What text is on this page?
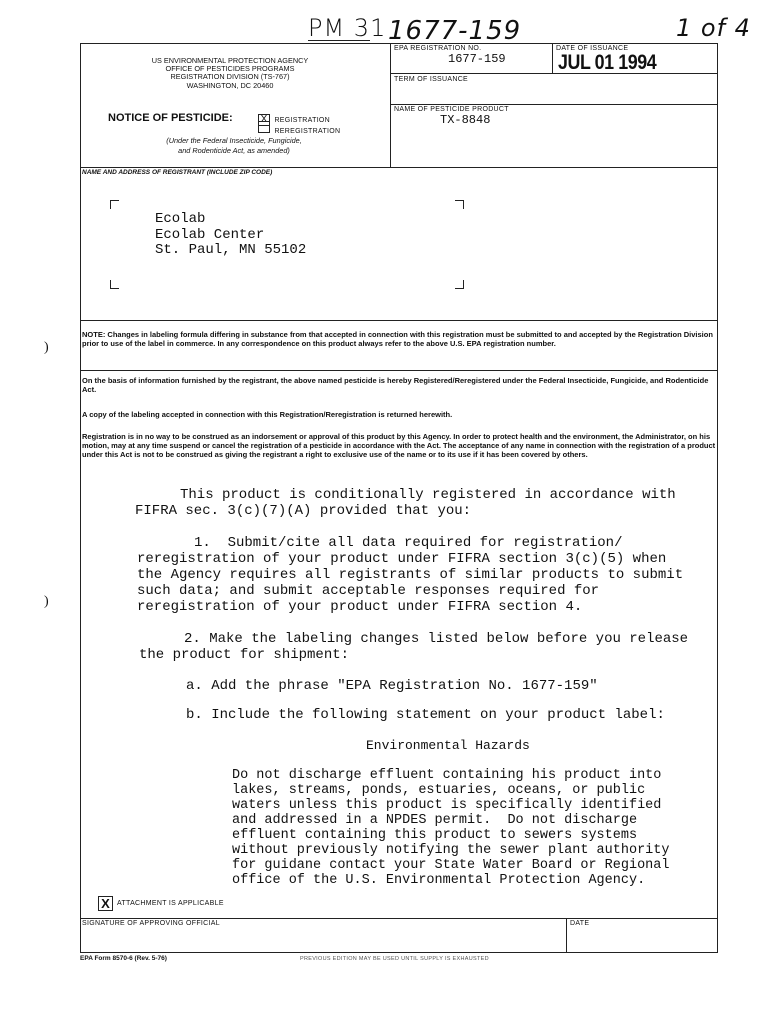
PM 31 1677-159	1 of 4
)
)
US ENVIRONMENTAL PROTECTION AGENCY
OFFICE OF PESTICIDES PROGRAMS
REGISTRATION DIVISION (TS-767)
WASHINGTON, DC 20460
NOTICE OF PESTICIDE:	X REGISTRATION
REREGISTRATION
(Under the Federal Insecticide, Fungicide,
and Rodenticide Act, as amended)
EPA REGISTRATION NO.
1677-159
DATE OF ISSUANCE
JUL 01 1994
TERM OF ISSUANCE
NAME OF PESTICIDE PRODUCT
TX-8848
NAME AND ADDRESS OF REGISTRANT (INCLUDE ZIP CODE)
Ecolab
Ecolab Center
St. Paul, MN 55102
NOTE: Changes in labeling formula differing in substance from that accepted in connection with this registration must be submitted to and accepted by the Registration Division prior to use of the label in commerce. In any correspondence on this product always refer to the above U.S. EPA registration number.
On the basis of information furnished by the registrant, the above named pesticide is hereby Registered/Reregistered under the Federal Insecticide, Fungicide, and Rodenticide Act.
A copy of the labeling accepted in connection with this Registration/Reregistration is returned herewith.
Registration is in no way to be construed as an indorsement or approval of this product by this Agency. In order to protect health and the environment, the Administrator, on his motion, may at any time suspend or cancel the registration of a pesticide in accordance with the Act. The acceptance of any name in connection with the registration of a product under this Act is not to be construed as giving the registrant a right to exclusive use of the name or to its use if it has been covered by others.
This product is conditionally registered in accordance with
FIFRA sec. 3(c)(7)(A) provided that you:
1.  Submit/cite all data required for registration/
reregistration of your product under FIFRA section 3(c)(5) when
the Agency requires all registrants of similar products to submit
such data; and submit acceptable responses required for
reregistration of your product under FIFRA section 4.
2. Make the labeling changes listed below before you release
the product for shipment:
a. Add the phrase "EPA Registration No. 1677-159"
b. Include the following statement on your product label:
Environmental Hazards
Do not discharge effluent containing his product into
lakes, streams, ponds, estuaries, oceans, or public
waters unless this product is specifically identified
and addressed in a NPDES permit.  Do not discharge
effluent containing this product to sewers systems
without previously notifying the sewer plant authority
for guidane contact your State Water Board or Regional
office of the U.S. Environmental Protection Agency.
X ATTACHMENT IS APPLICABLE
SIGNATURE OF APPROVING OFFICIAL	DATE
EPA Form 8570-6 (Rev. 5-76)	PREVIOUS EDITION MAY BE USED UNTIL SUPPLY IS EXHAUSTED
